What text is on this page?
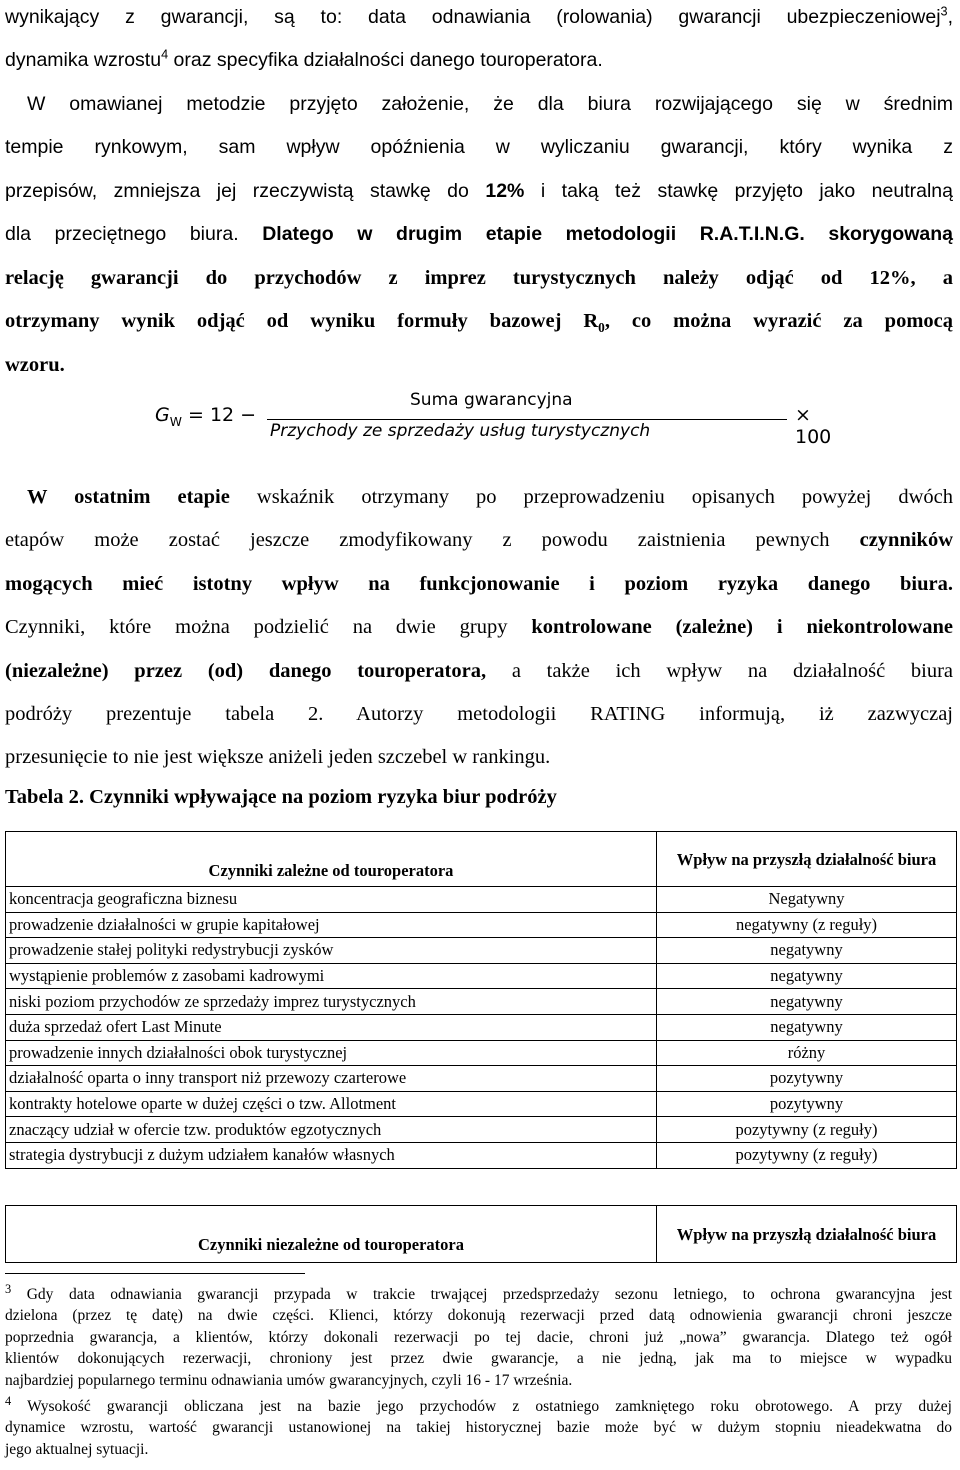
wynikający z gwarancji, są to: data odnawiania (rolowania) gwarancji ubezpieczeniowej$^3$,
dynamika wzrostu$^4$ oraz specyfika działalności danego touroperatora.
W omawianej metodzie przyjęto założenie, że dla biura rozwijającego się w średnim
tempie rynkowym, sam wpływ opóźnienia w wyliczaniu gwarancji, który wynika z
przepisów, zmniejsza jej rzeczywistą stawkę do 12% i taką też stawkę przyjęto jako neutralną
dla przeciętnego biura. Dlatego w drugim etapie metodologii R.A.T.I.N.G. skorygowaną
relację gwarancji do przychodów z imprez turystycznych należy odjąć od 12%, a
otrzymany wynik odjąć od wyniku formuły bazowej $R_0$, co można wyrazić za pomocą
wzoru.
$G_W = 12$ −
Suma gwarancyjna
Przychody ze sprzedaży usług turystycznych
× 100
W ostatnim etapie wskaźnik otrzymany po przeprowadzeniu opisanych powyżej dwóch
etapów może zostać jeszcze zmodyfikowany z powodu zaistnienia pewnych czynników
mogących mieć istotny wpływ na funkcjonowanie i poziom ryzyka danego biura.
Czynniki, które można podzielić na dwie grupy kontrolowane (zależne) i niekontrolowane
(niezależne) przez (od) danego touroperatora, a także ich wpływ na działalność biura
podróży prezentuje tabela 2. Autorzy metodologii RATING informują, iż zazwyczaj
przesunięcie to nie jest większe aniżeli jeden szczebel w rankingu.
Tabela 2. Czynniki wpływające na poziom ryzyka biur podróży
Czynniki zależne od touroperatora	Wpływ na przyszłą działalność biura
koncentracja geograficzna biznesu	Negatywny
prowadzenie działalności w grupie kapitałowej	negatywny (z reguły)
prowadzenie stałej polityki redystrybucji zysków	negatywny
wystąpienie problemów z zasobami kadrowymi	negatywny
niski poziom przychodów ze sprzedaży imprez turystycznych	negatywny
duża sprzedaż ofert Last Minute	negatywny
prowadzenie innych działalności obok turystycznej	różny
działalność oparta o inny transport niż przewozy czarterowe	pozytywny
kontrakty hotelowe oparte w dużej części o tzw. Allotment	pozytywny
znaczący udział w ofercie tzw. produktów egzotycznych	pozytywny (z reguły)
strategia dystrybucji z dużym udziałem kanałów własnych	pozytywny (z reguły)
Czynniki niezależne od touroperatora	Wpływ na przyszłą działalność biura
$^3$ Gdy data odnawiania gwarancji przypada w trakcie trwającej przedsprzedaży sezonu letniego, to ochrona gwarancyjna jest
dzielona (przez tę datę) na dwie części. Klienci, którzy dokonują rezerwacji przed datą odnowienia gwarancji chroni jeszcze
poprzednia gwarancja, a klientów, którzy dokonali rezerwacji po tej dacie, chroni już „nowa” gwarancja. Dlatego też ogół
klientów dokonujących rezerwacji, chroniony jest przez dwie gwarancje, a nie jedną, jak ma to miejsce w wypadku
najbardziej popularnego terminu odnawiania umów gwarancyjnych, czyli 16 - 17 września.
$^4$ Wysokość gwarancji obliczana jest na bazie jego przychodów z ostatniego zamkniętego roku obrotowego. A przy dużej
dynamice wzrostu, wartość gwarancji ustanowionej na takiej historycznej bazie może być w dużym stopniu nieadekwatna do
jego aktualnej sytuacji.
